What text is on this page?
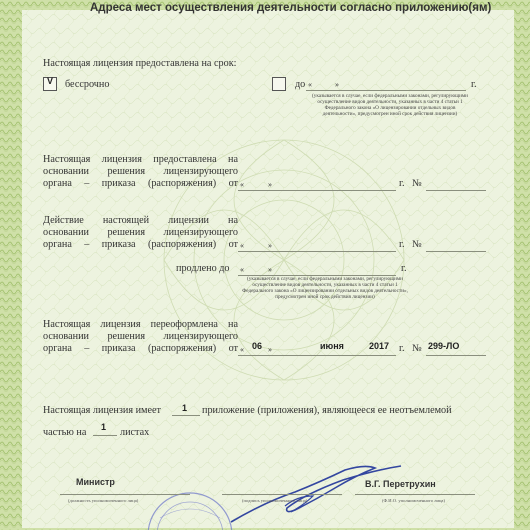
Адреса мест осуществления деятельности согласно приложению(ям)
Настоящая лицензия предоставлена на срок:
V бессрочно	до «	»	г.
(указывается в случае, если федеральными законами, регулирующими осуществление видов деятельности, указанных в части 4 статьи 1 Федерального закона «О лицензировании отдельных видов деятельности», предусмотрен иной срок действия лицензии)
Настоящая лицензия предоставлена на
основании решения лицензирующего
органа – приказа (распоряжения) от «	»	г. №
Действие настоящей лицензии на
основании решения лицензирующего
органа – приказа (распоряжения) от «	»	г. №
продлено до «	»	г.
(указывается в случае, если федеральными законами, регулирующими осуществление видов деятельности, указанных в части 4 статьи 1 Федерального закона «О лицензировании отдельных видов деятельности», предусмотрен иной срок действия лицензии)
Настоящая лицензия переоформлена на
основании решения лицензирующего
органа – приказа (распоряжения) от « 06 »	июня	2017 г. № 299-ЛО
Настоящая лицензия имеет 1 приложение (приложения), являющееся ее неотъемлемой
частью на 1 листах
Министр	В.Г. Перетрухин
(должность уполномоченного лица)	(подпись уполномоченного лица)	(Ф.И.О. уполномоченного лица)
